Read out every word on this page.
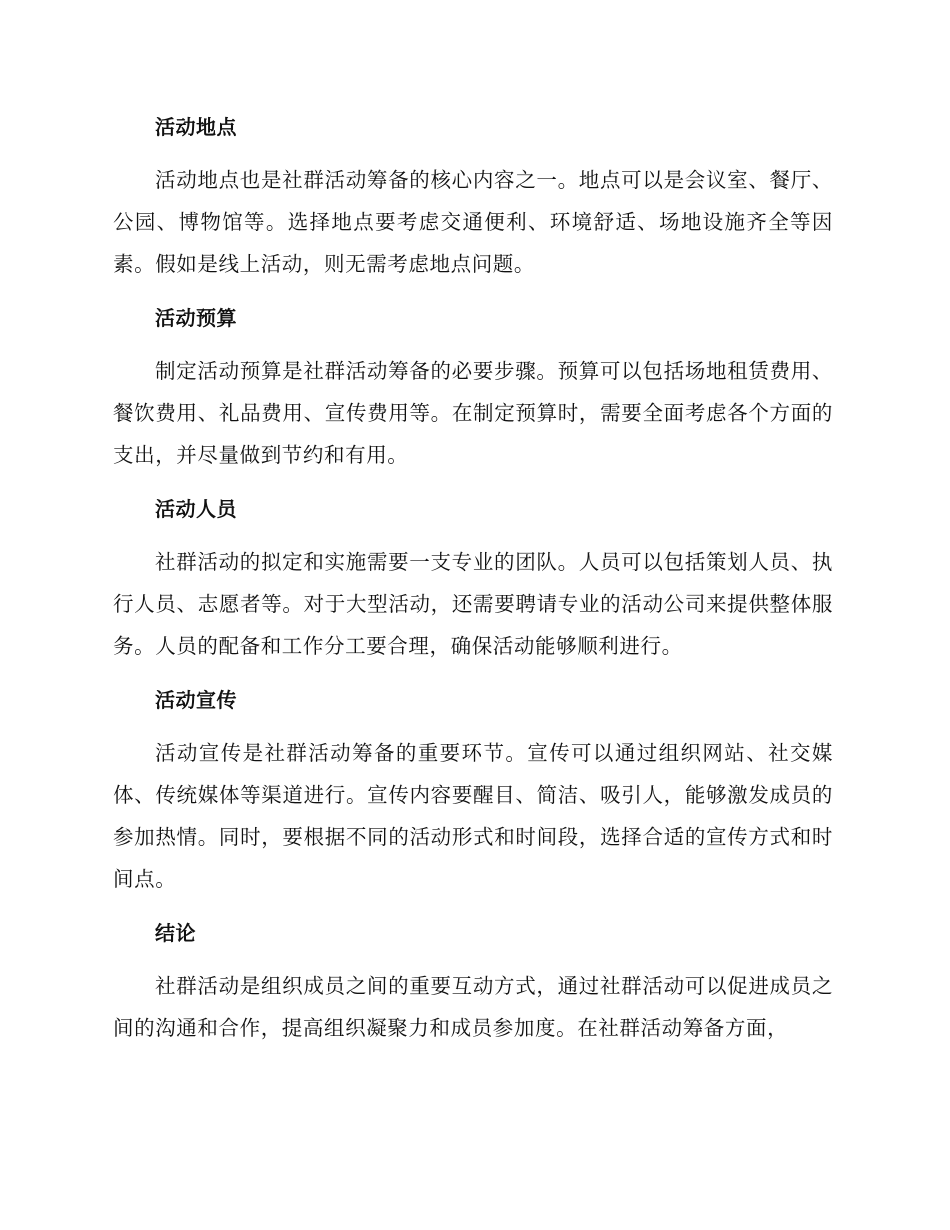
活动地点

活动地点也是社群活动筹备的核心内容之一。地点可以是会议室、餐厅、公园、博物馆等。选择地点要考虑交通便利、环境舒适、场地设施齐全等因素。假如是线上活动，则无需考虑地点问题。

活动预算

制定活动预算是社群活动筹备的必要步骤。预算可以包括场地租赁费用、餐饮费用、礼品费用、宣传费用等。在制定预算时，需要全面考虑各个方面的支出，并尽量做到节约和有用。

活动人员

社群活动的拟定和实施需要一支专业的团队。人员可以包括策划人员、执行人员、志愿者等。对于大型活动，还需要聘请专业的活动公司来提供整体服务。人员的配备和工作分工要合理，确保活动能够顺利进行。

活动宣传

活动宣传是社群活动筹备的重要环节。宣传可以通过组织网站、社交媒体、传统媒体等渠道进行。宣传内容要醒目、简洁、吸引人，能够激发成员的参加热情。同时，要根据不同的活动形式和时间段，选择合适的宣传方式和时间点。

结论

社群活动是组织成员之间的重要互动方式，通过社群活动可以促进成员之间的沟通和合作，提高组织凝聚力和成员参加度。在社群活动筹备方面，
